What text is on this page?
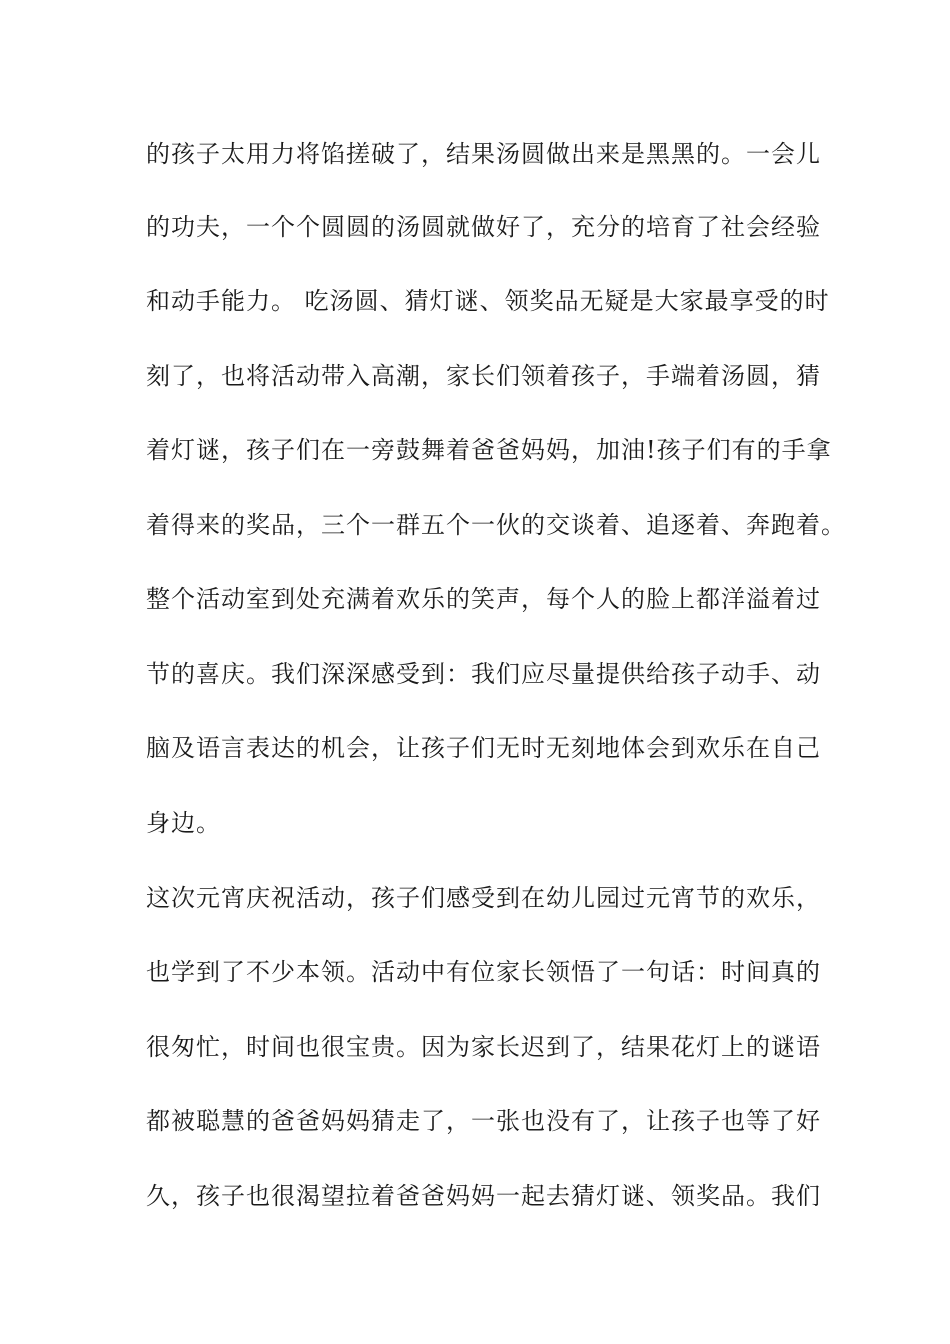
的孩子太用力将馅搓破了，结果汤圆做出来是黑黑的。一会儿
的功夫，一个个圆圆的汤圆就做好了，充分的培育了社会经验
和动手能力。 吃汤圆、猜灯谜、领奖品无疑是大家最享受的时
刻了，也将活动带入高潮，家长们领着孩子，手端着汤圆，猜
着灯谜，孩子们在一旁鼓舞着爸爸妈妈，加油!孩子们有的手拿
着得来的奖品，三个一群五个一伙的交谈着、追逐着、奔跑着。
整个活动室到处充满着欢乐的笑声，每个人的脸上都洋溢着过
节的喜庆。我们深深感受到：我们应尽量提供给孩子动手、动
脑及语言表达的机会，让孩子们无时无刻地体会到欢乐在自己
身边。
这次元宵庆祝活动，孩子们感受到在幼儿园过元宵节的欢乐，
也学到了不少本领。活动中有位家长领悟了一句话：时间真的
很匆忙，时间也很宝贵。因为家长迟到了，结果花灯上的谜语
都被聪慧的爸爸妈妈猜走了，一张也没有了，让孩子也等了好
久，孩子也很渴望拉着爸爸妈妈一起去猜灯谜、领奖品。我们
